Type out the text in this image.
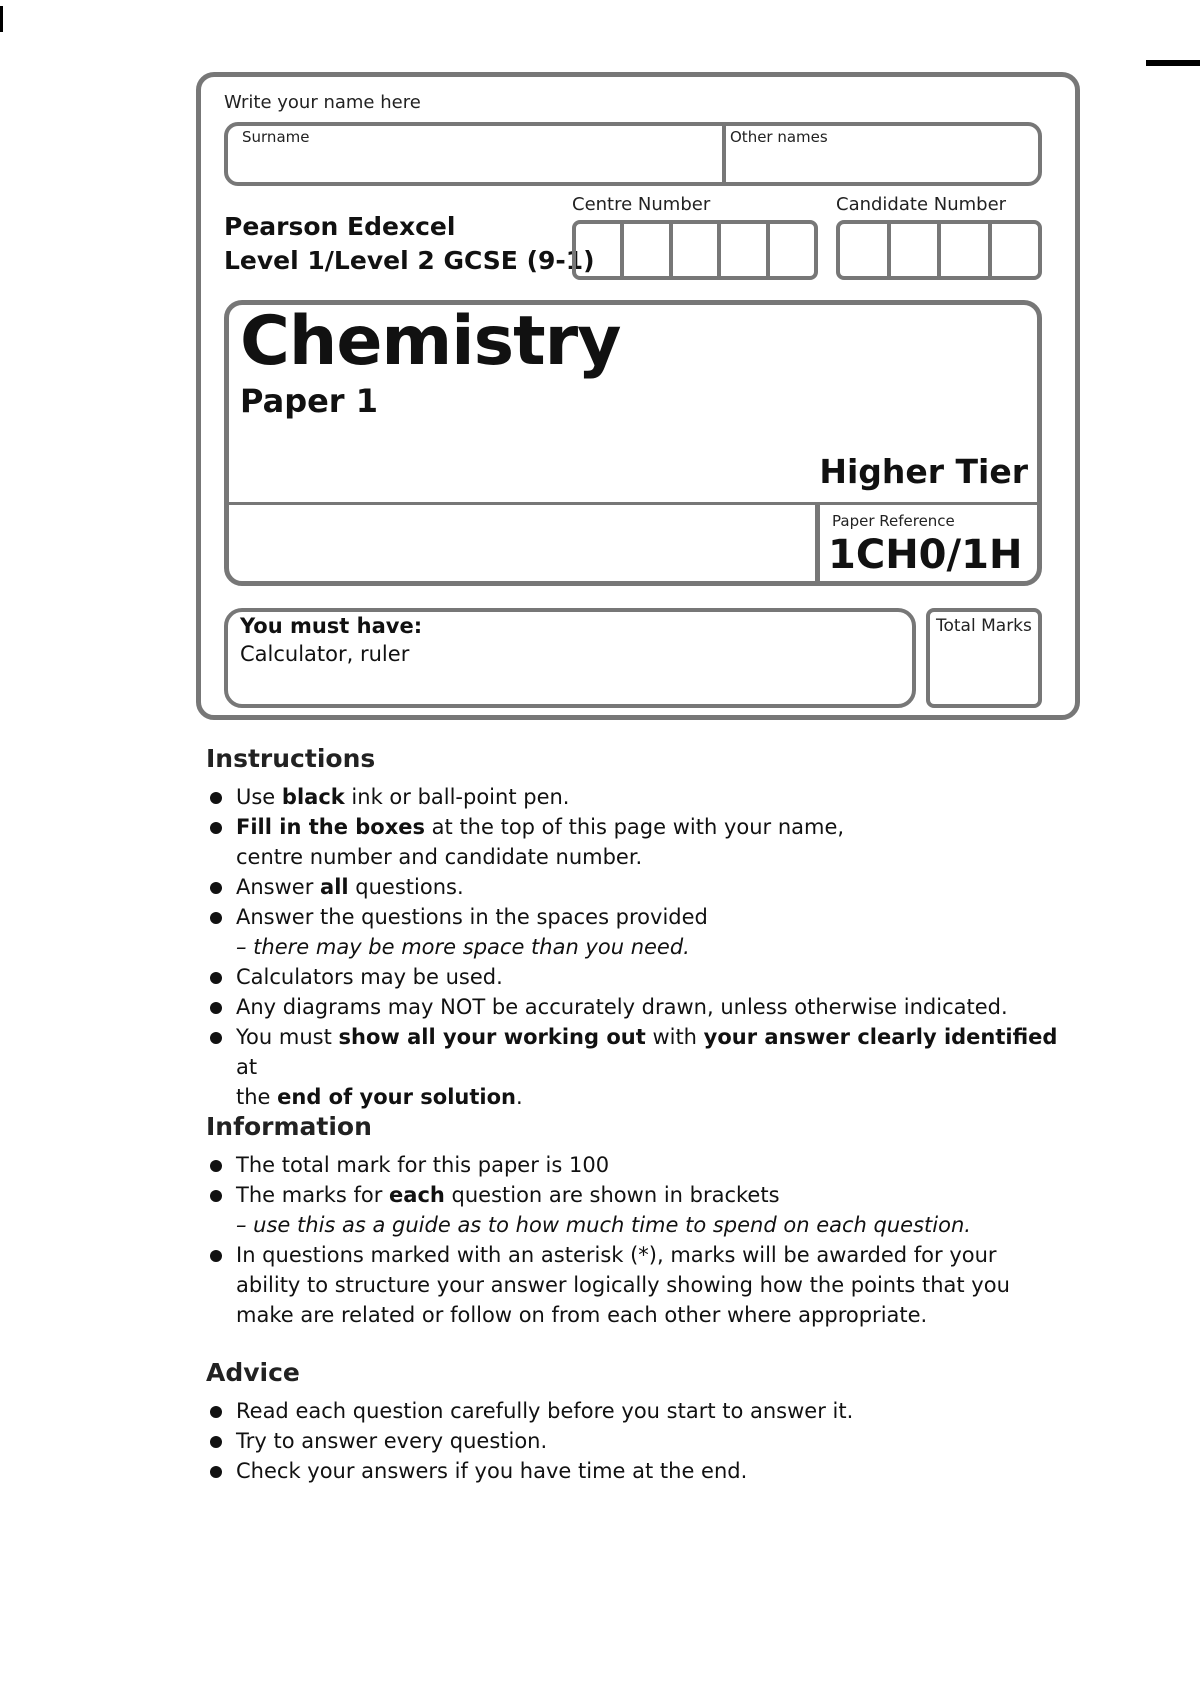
Write your name here
Surname	Other names
Pearson Edexcel
Level 1/Level 2 GCSE (9-1)
Centre Number	Candidate Number
Chemistry
Paper 1
Higher Tier
Paper Reference
1CH0/1H
You must have:
Calculator, ruler
Total Marks
Instructions
Use black ink or ball-point pen.
Fill in the boxes at the top of this page with your name,
centre number and candidate number.
Answer all questions.
Answer the questions in the spaces provided
– there may be more space than you need.
Calculators may be used.
Any diagrams may NOT be accurately drawn, unless otherwise indicated.
You must show all your working out with your answer clearly identified at
the end of your solution.
Information
The total mark for this paper is 100
The marks for each question are shown in brackets
– use this as a guide as to how much time to spend on each question.
In questions marked with an asterisk (*), marks will be awarded for your
ability to structure your answer logically showing how the points that you
make are related or follow on from each other where appropriate.
Advice
Read each question carefully before you start to answer it.
Try to answer every question.
Check your answers if you have time at the end.
